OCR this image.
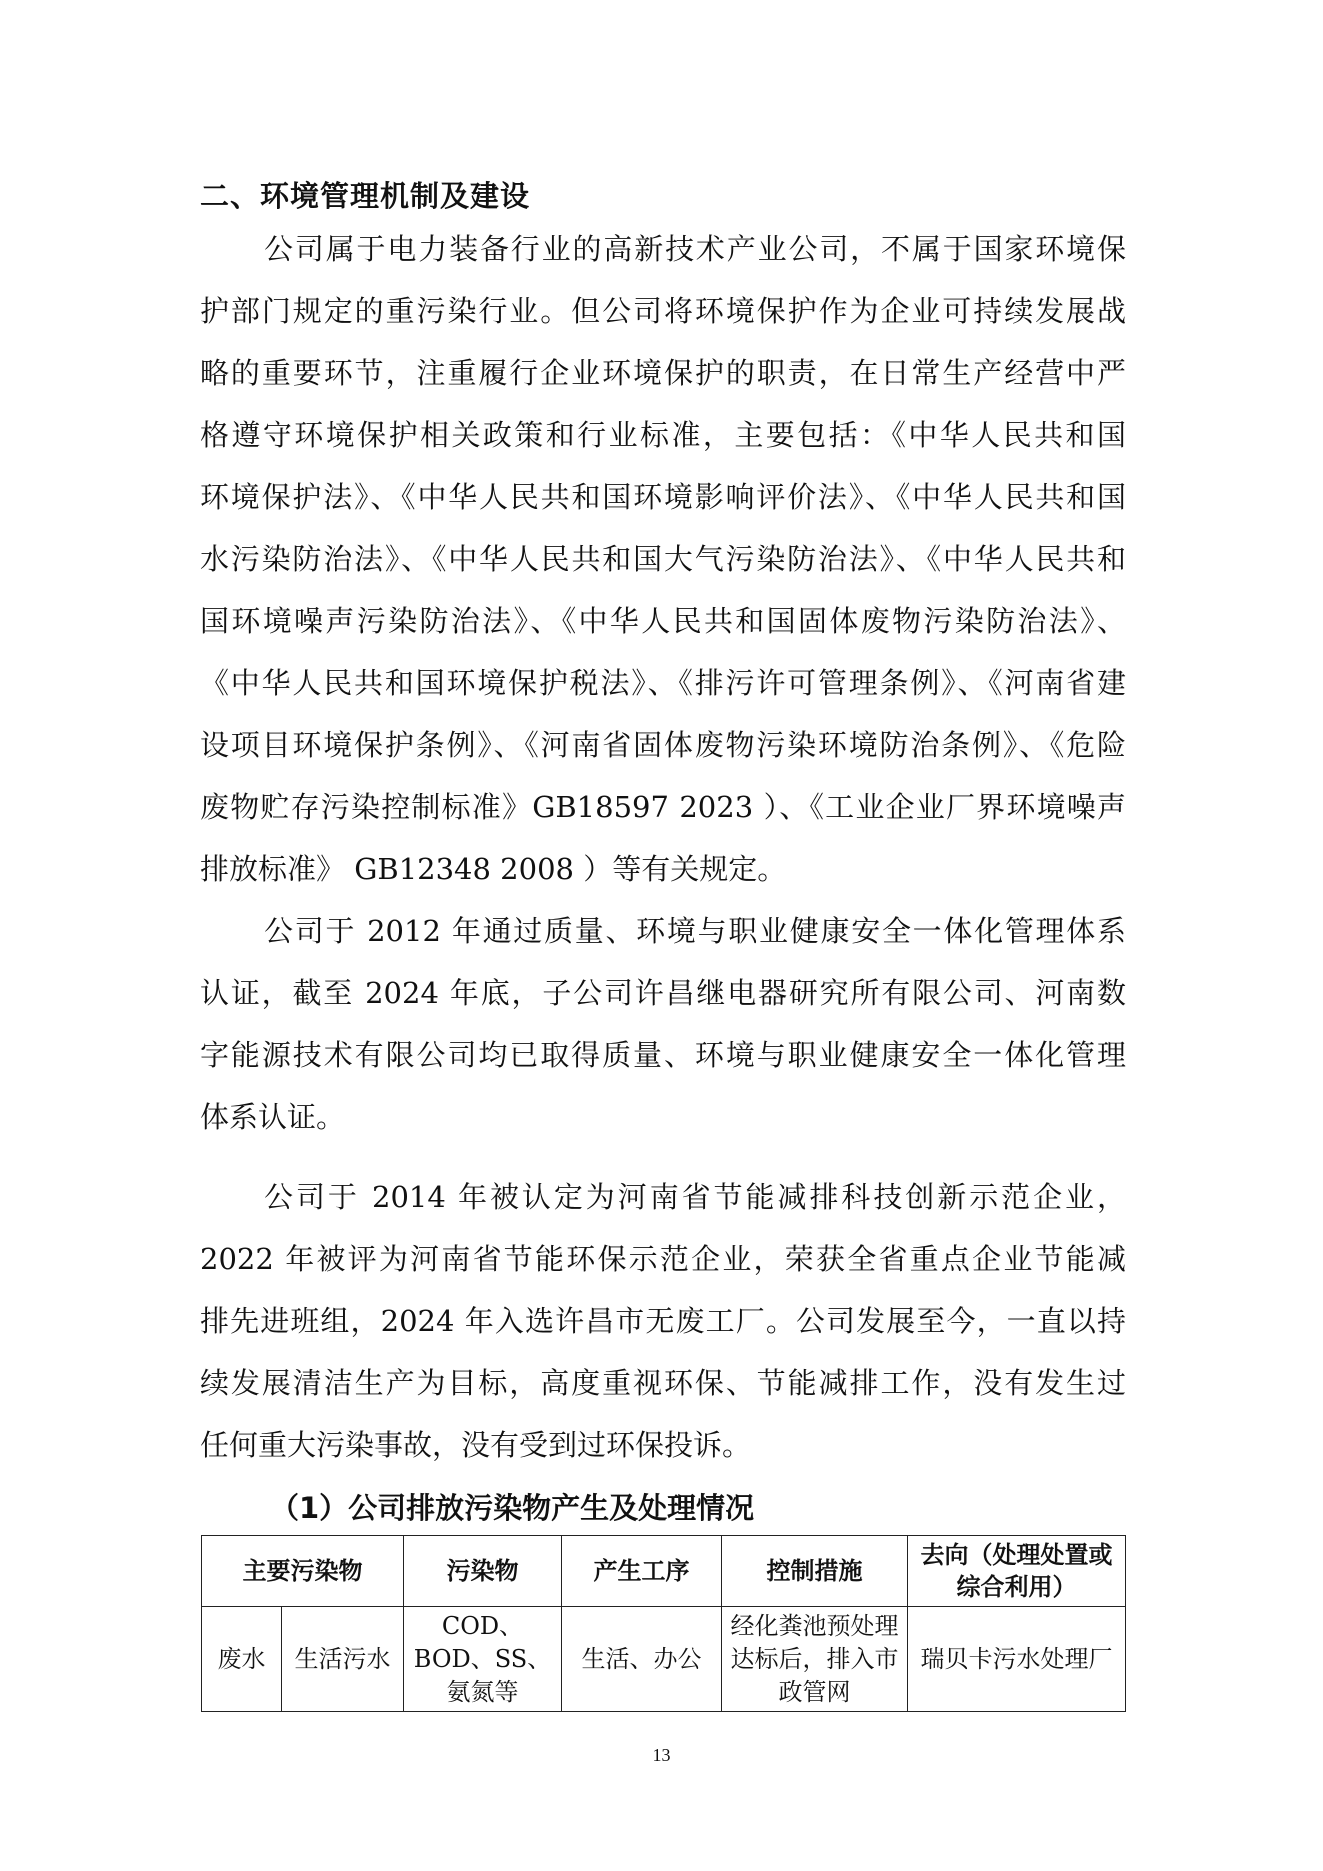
二、环境管理机制及建设
公司属于电力装备行业的高新技术产业公司，不属于国家环境保
护部门规定的重污染行业。但公司将环境保护作为企业可持续发展战
略的重要环节，注重履行企业环境保护的职责，在日常生产经营中严
格遵守环境保护相关政策和行业标准，主要包括：《中华人民共和国
环境保护法》、《中华人民共和国环境影响评价法》、《中华人民共和国
水污染防治法》、《中华人民共和国大气污染防治法》、《中华人民共和
国环境噪声污染防治法》、《中华人民共和国固体废物污染防治法》、
《中华人民共和国环境保护税法》、《排污许可管理条例》、《河南省建
设项目环境保护条例》、《河南省固体废物污染环境防治条例》、《危险
废物贮存污染控制标准》GB18597 2023 ）、《工业企业厂界环境噪声
排放标准》 GB12348 2008 ）等有关规定。
公司于 2012 年通过质量、环境与职业健康安全一体化管理体系
认证，截至 2024 年底，子公司许昌继电器研究所有限公司、河南数
字能源技术有限公司均已取得质量、环境与职业健康安全一体化管理
体系认证。
公司于 2014 年被认定为河南省节能减排科技创新示范企业，
2022 年被评为河南省节能环保示范企业，荣获全省重点企业节能减
排先进班组，2024 年入选许昌市无废工厂。公司发展至今，一直以持
续发展清洁生产为目标，高度重视环保、节能减排工作，没有发生过
任何重大污染事故，没有受到过环保投诉。
（1）公司排放污染物产生及处理情况
主要污染物		污染物	产生工序	控制措施	去向（处理处置或综合利用）
废水	生活污水	COD、BOD、SS、氨氮等	生活、办公	经化粪池预处理达标后，排入市政管网	瑞贝卡污水处理厂
13
